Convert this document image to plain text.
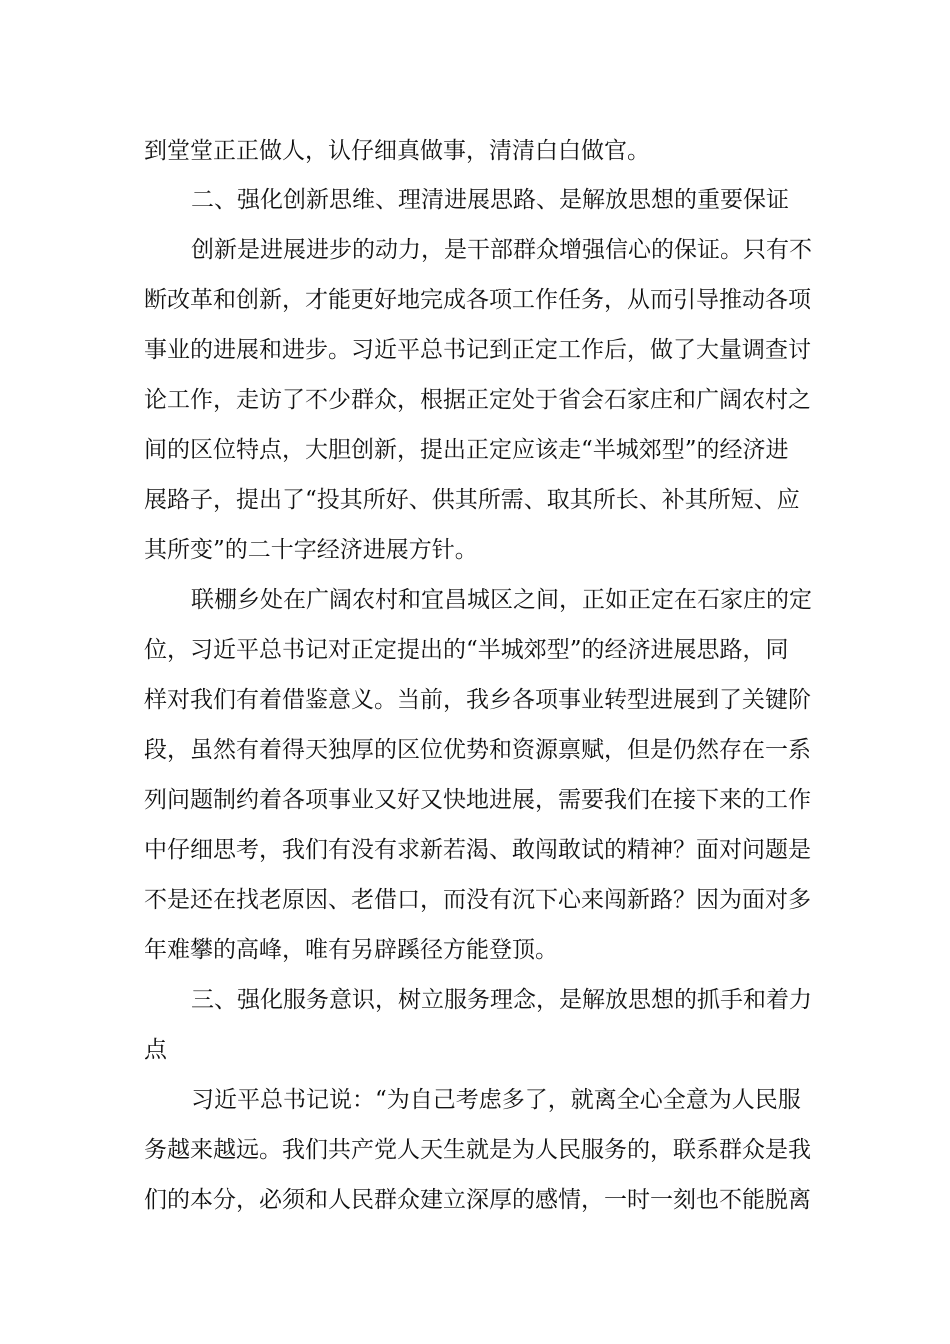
到堂堂正正做人，认仔细真做事，清清白白做官。
二、强化创新思维、理清进展思路、是解放思想的重要保证
创新是进展进步的动力，是干部群众增强信心的保证。只有不
断改革和创新，才能更好地完成各项工作任务，从而引导推动各项
事业的进展和进步。习近平总书记到正定工作后，做了大量调查讨
论工作，走访了不少群众，根据正定处于省会石家庄和广阔农村之
间的区位特点，大胆创新，提出正定应该走“半城郊型”的经济进
展路子，提出了“投其所好、供其所需、取其所长、补其所短、应
其所变”的二十字经济进展方针。
联棚乡处在广阔农村和宜昌城区之间，正如正定在石家庄的定
位，习近平总书记对正定提出的“半城郊型”的经济进展思路，同
样对我们有着借鉴意义。当前，我乡各项事业转型进展到了关键阶
段，虽然有着得天独厚的区位优势和资源禀赋，但是仍然存在一系
列问题制约着各项事业又好又快地进展，需要我们在接下来的工作
中仔细思考，我们有没有求新若渴、敢闯敢试的精神？面对问题是
不是还在找老原因、老借口，而没有沉下心来闯新路？因为面对多
年难攀的高峰，唯有另辟蹊径方能登顶。
三、强化服务意识，树立服务理念，是解放思想的抓手和着力
点
习近平总书记说：“为自己考虑多了，就离全心全意为人民服
务越来越远。我们共产党人天生就是为人民服务的，联系群众是我
们的本分，必须和人民群众建立深厚的感情，一时一刻也不能脱离
